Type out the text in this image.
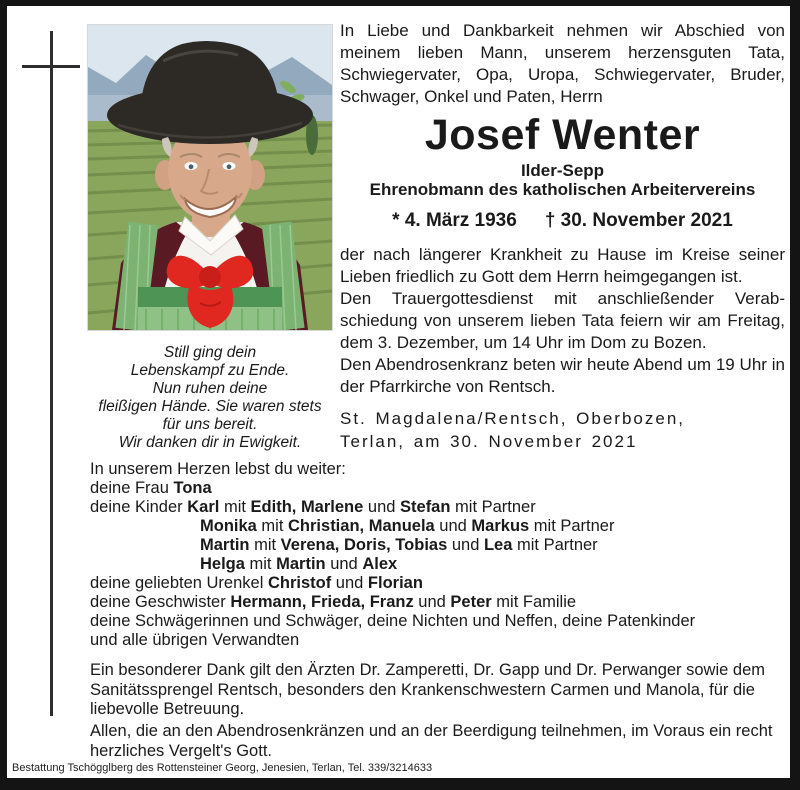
In Liebe und Dankbarkeit nehmen wir Abschied von meinem lieben Mann, unserem herzensguten Tata, Schwiegervater, Opa, Uropa, Schwiegervater, Bruder, Schwager, Onkel und Paten, Herrn

Josef Wenter
Ilder-Sepp
Ehrenobmann des katholischen Arbeitervereins
* 4. März 1936 † 30. November 2021

der nach längerer Krankheit zu Hause im Kreise seiner Lieben friedlich zu Gott dem Herrn heimgegangen ist.

Den Trauergottesdienst mit anschließender Verabschiedung von unserem lieben Tata feiern wir am Freitag, dem 3. Dezember, um 14 Uhr im Dom zu Bozen.

Den Abendrosenkranz beten wir heute Abend um 19 Uhr in der Pfarrkirche von Rentsch.

St. Magdalena/Rentsch, Oberbozen,
Terlan, am 30. November 2021
Still ging dein
Lebenskampf zu Ende.
Nun ruhen deine
fleißigen Hände. Sie waren stets
für uns bereit.
Wir danken dir in Ewigkeit.
In unserem Herzen lebst du weiter:
deine Frau Tona
deine Kinder Karl mit Edith, Marlene und Stefan mit Partner
Monika mit Christian, Manuela und Markus mit Partner
Martin mit Verena, Doris, Tobias und Lea mit Partner
Helga mit Martin und Alex
deine geliebten Urenkel Christof und Florian
deine Geschwister Hermann, Frieda, Franz und Peter mit Familie
deine Schwägerinnen und Schwäger, deine Nichten und Neffen, deine Patenkinder
und alle übrigen Verwandten

Ein besonderer Dank gilt den Ärzten Dr. Zamperetti, Dr. Gapp und Dr. Perwanger sowie dem Sanitätssprengel Rentsch, besonders den Krankenschwestern Carmen und Manola, für die liebevolle Betreuung.

Allen, die an den Abendrosenkränzen und an der Beerdigung teilnehmen, im Voraus ein recht herzliches Vergelt's Gott.

Bestattung Tschögglberg des Rottensteiner Georg, Jenesien, Terlan, Tel. 339/3214633
